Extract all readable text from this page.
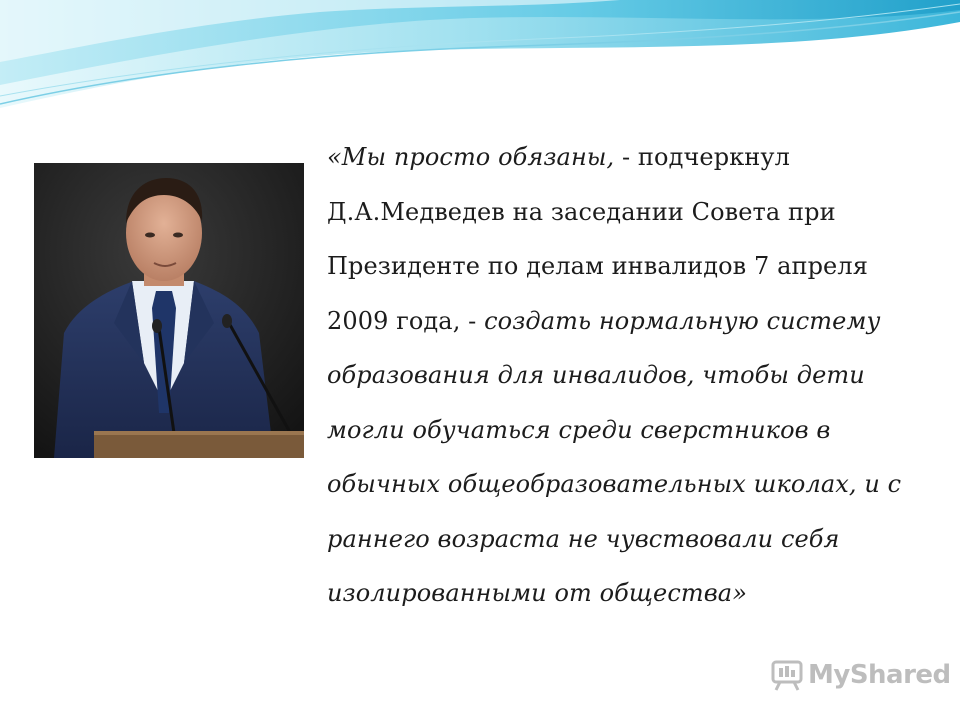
«Мы просто обязаны, - подчеркнул
Д.А.Медведев на заседании Совета при
Президенте по делам инвалидов 7 апреля
2009 года, - создать нормальную систему
образования для инвалидов, чтобы дети
могли обучаться среди сверстников в
обычных общеобразовательных школах, и с
раннего возраста не чувствовали себя
изолированными от общества»
MyShared
